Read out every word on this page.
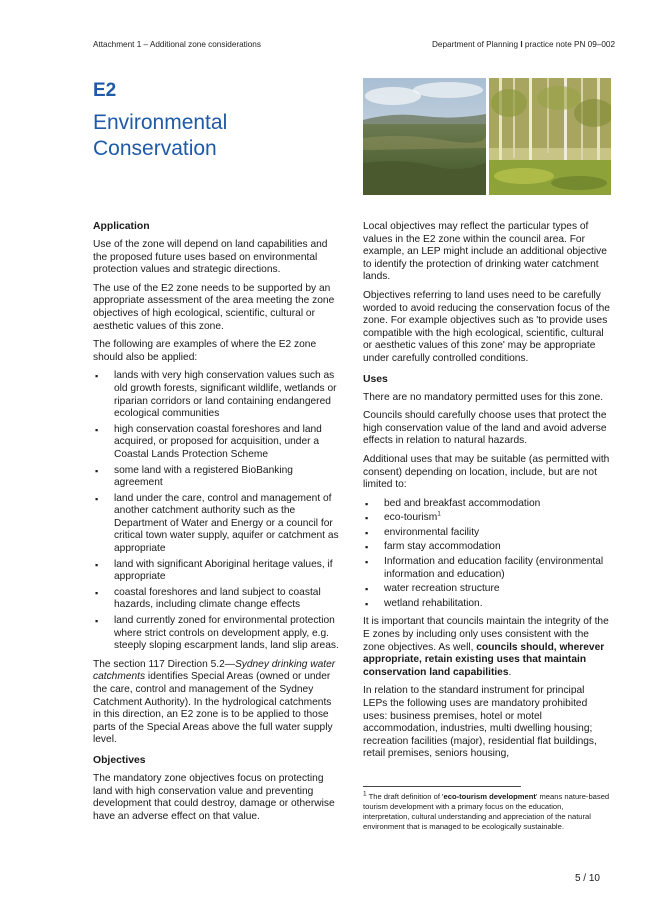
Attachment 1 – Additional zone considerations	Department of Planning I practice note PN 09–002
E2
Environmental
Conservation
Application

Use of the zone will depend on land capabilities and the proposed future uses based on environmental protection values and strategic directions.

The use of the E2 zone needs to be supported by an appropriate assessment of the area meeting the zone objectives of high ecological, scientific, cultural or aesthetic values of this zone.

The following are examples of where the E2 zone should also be applied:

▪ lands with very high conservation values such as old growth forests, significant wildlife, wetlands or riparian corridors or land containing endangered ecological communities
▪ high conservation coastal foreshores and land acquired, or proposed for acquisition, under a Coastal Lands Protection Scheme
▪ some land with a registered BioBanking agreement
▪ land under the care, control and management of another catchment authority such as the Department of Water and Energy or a council for critical town water supply, aquifer or catchment as appropriate
▪ land with significant Aboriginal heritage values, if appropriate
▪ coastal foreshores and land subject to coastal hazards, including climate change effects
▪ land currently zoned for environmental protection where strict controls on development apply, e.g. steeply sloping escarpment lands, land slip areas.

The section 117 Direction 5.2—Sydney drinking water catchments identifies Special Areas (owned or under the care, control and management of the Sydney Catchment Authority). In the hydrological catchments in this direction, an E2 zone is to be applied to those parts of the Special Areas above the full water supply level.

Objectives

The mandatory zone objectives focus on protecting land with high conservation value and preventing development that could destroy, damage or otherwise have an adverse effect on that value.

Local objectives may reflect the particular types of values in the E2 zone within the council area. For example, an LEP might include an additional objective to identify the protection of drinking water catchment lands.

Objectives referring to land uses need to be carefully worded to avoid reducing the conservation focus of the zone. For example objectives such as 'to provide uses compatible with the high ecological, scientific, cultural or aesthetic values of this zone' may be appropriate under carefully controlled conditions.

Uses

There are no mandatory permitted uses for this zone.

Councils should carefully choose uses that protect the high conservation value of the land and avoid adverse effects in relation to natural hazards.

Additional uses that may be suitable (as permitted with consent) depending on location, include, but are not limited to:

▪ bed and breakfast accommodation
▪ eco-tourism$^1$
▪ environmental facility
▪ farm stay accommodation
▪ Information and education facility (environmental information and education)
▪ water recreation structure
▪ wetland rehabilitation.

It is important that councils maintain the integrity of the E zones by including only uses consistent with the zone objectives. As well, councils should, wherever appropriate, retain existing uses that maintain conservation land capabilities.

In relation to the standard instrument for principal LEPs the following uses are mandatory prohibited uses: business premises, hotel or motel accommodation, industries, multi dwelling housing; recreation facilities (major), residential flat buildings, retail premises, seniors housing,

1 The draft definition of 'eco-tourism development' means nature-based tourism development with a primary focus on the education, interpretation, cultural understanding and appreciation of the natural environment that is managed to be ecologically sustainable.
5 / 10
